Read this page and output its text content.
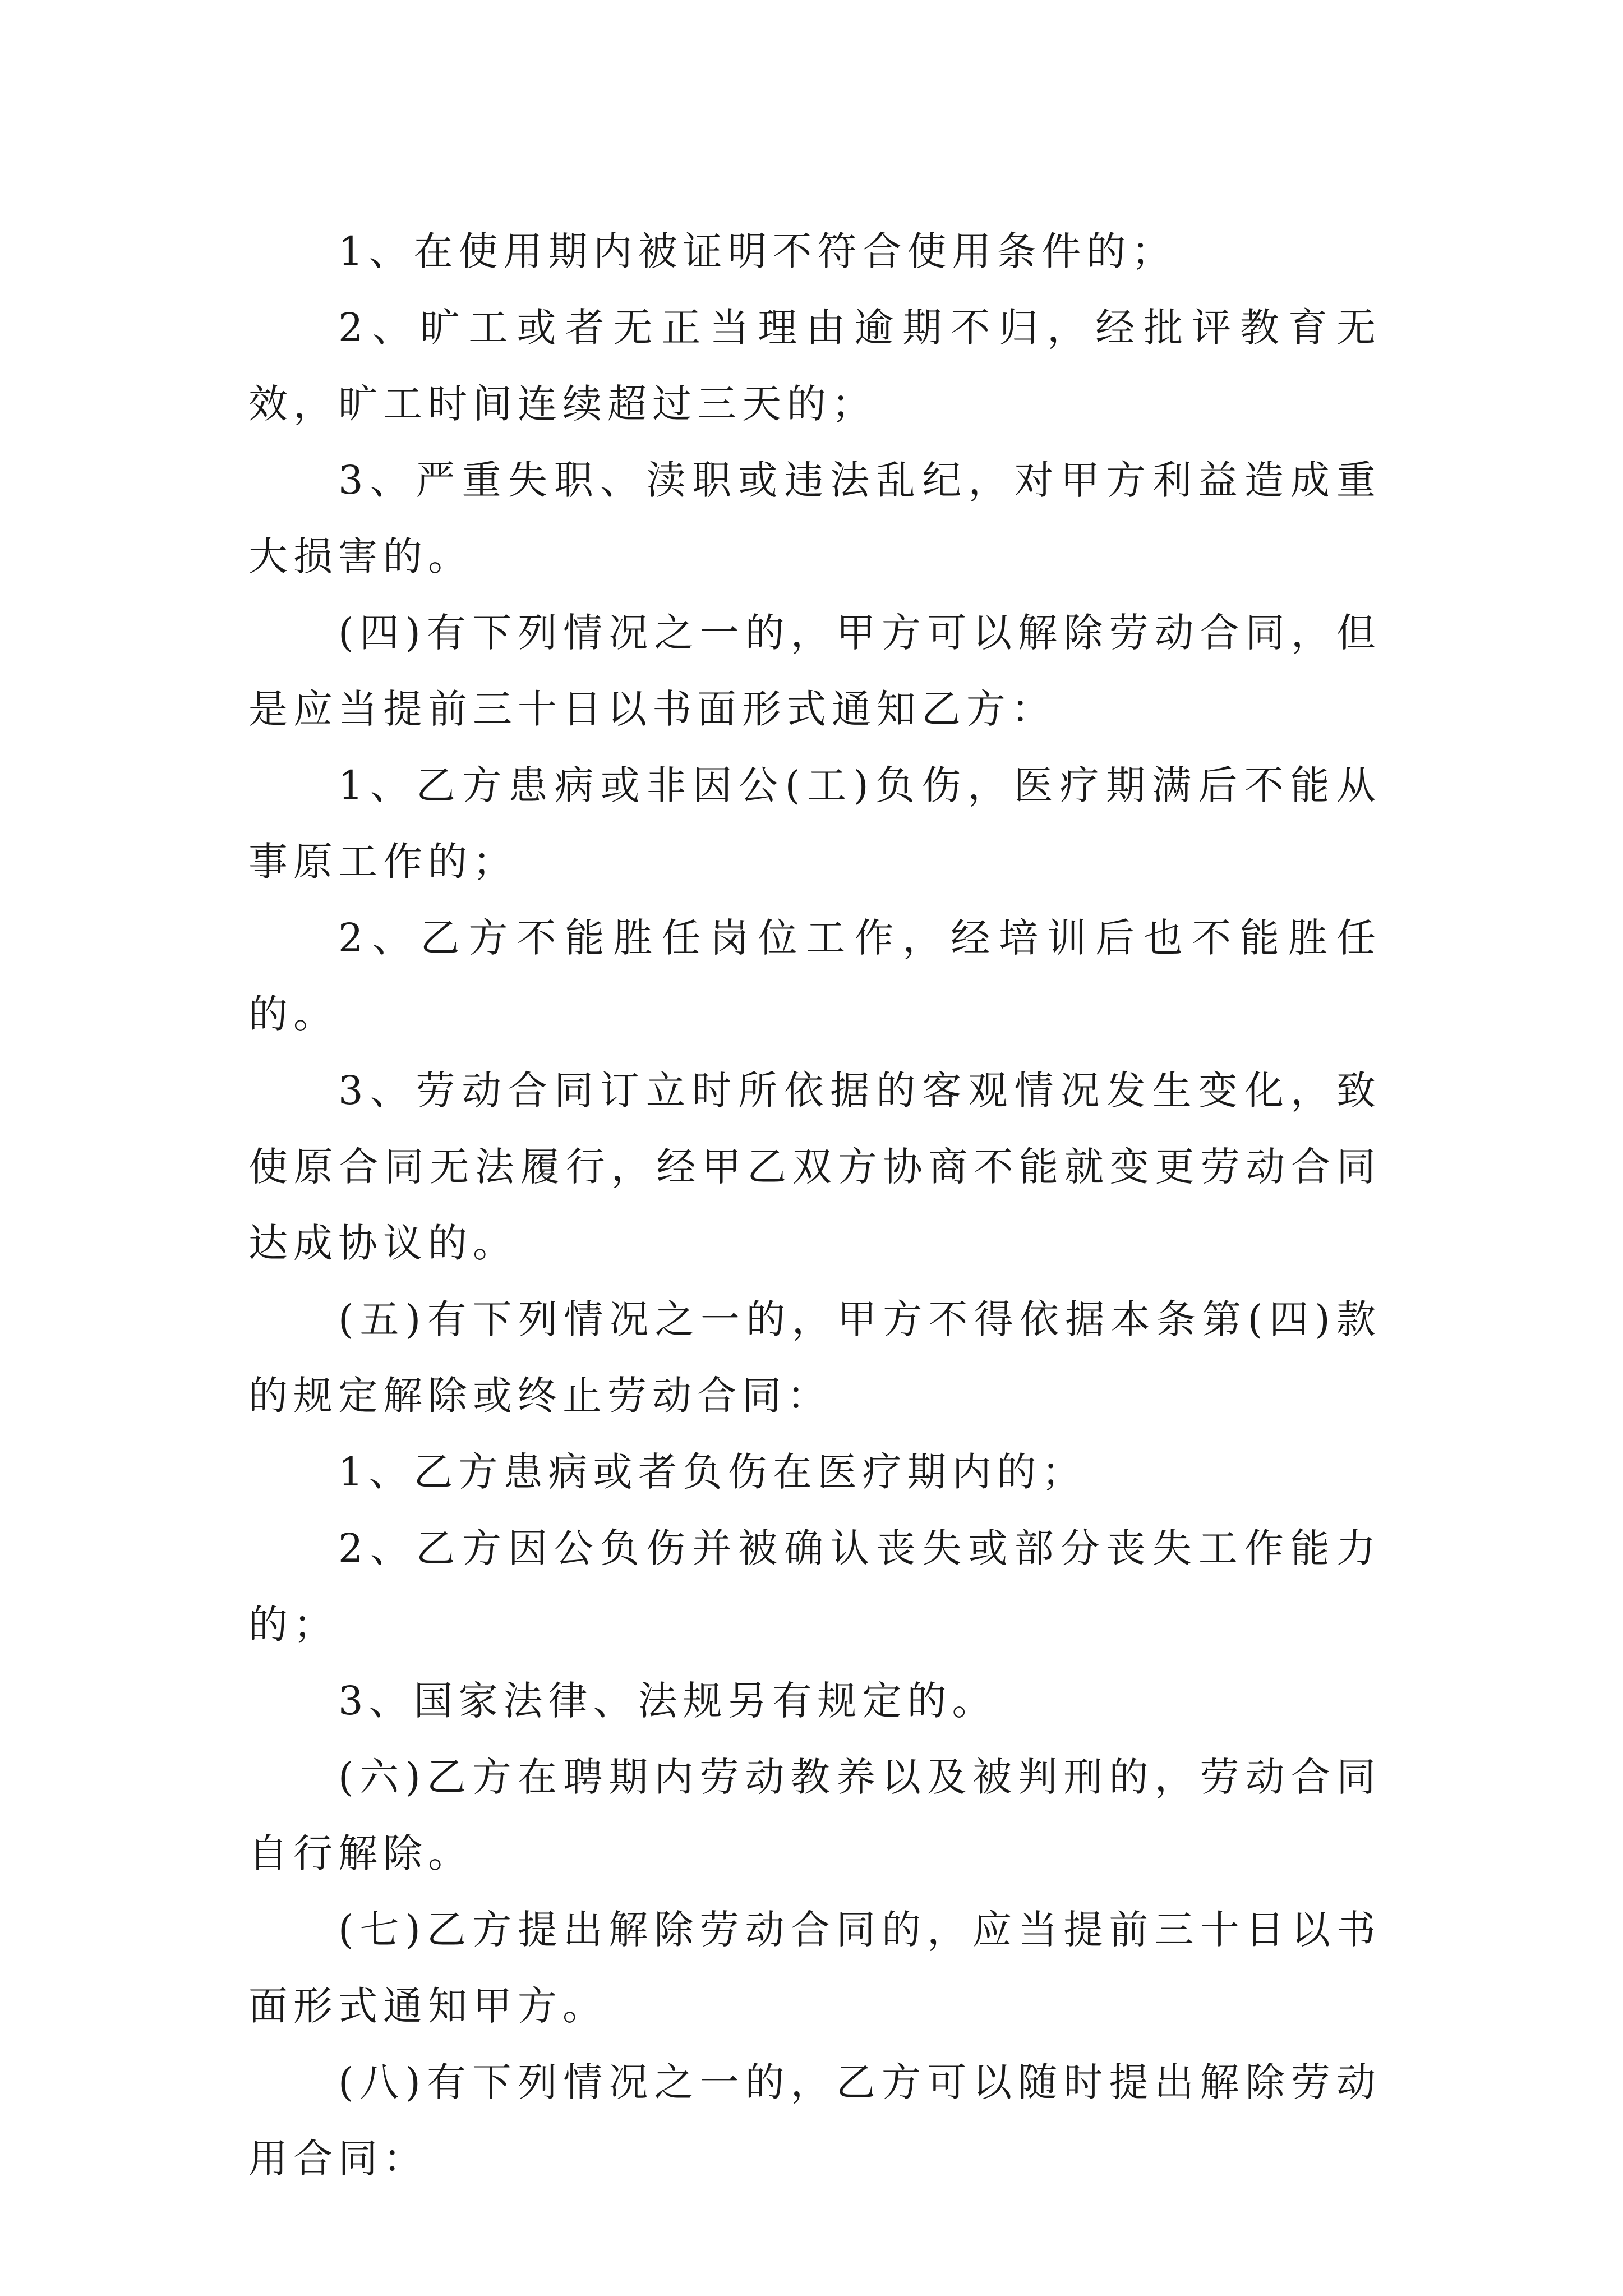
1、在使用期内被证明不符合使用条件的；

2、旷工或者无正当理由逾期不归，经批评教育无效，旷工时间连续超过三天的；

3、严重失职、渎职或违法乱纪，对甲方利益造成重大损害的。

(四)有下列情况之一的，甲方可以解除劳动合同，但是应当提前三十日以书面形式通知乙方：

1、乙方患病或非因公(工)负伤，医疗期满后不能从事原工作的；

2、乙方不能胜任岗位工作，经培训后也不能胜任的。

3、劳动合同订立时所依据的客观情况发生变化，致使原合同无法履行，经甲乙双方协商不能就变更劳动合同达成协议的。

(五)有下列情况之一的，甲方不得依据本条第(四)款的规定解除或终止劳动合同：

1、乙方患病或者负伤在医疗期内的；

2、乙方因公负伤并被确认丧失或部分丧失工作能力的；

3、国家法律、法规另有规定的。

(六)乙方在聘期内劳动教养以及被判刑的，劳动合同自行解除。

(七)乙方提出解除劳动合同的，应当提前三十日以书面形式通知甲方。

(八)有下列情况之一的，乙方可以随时提出解除劳动用合同：
